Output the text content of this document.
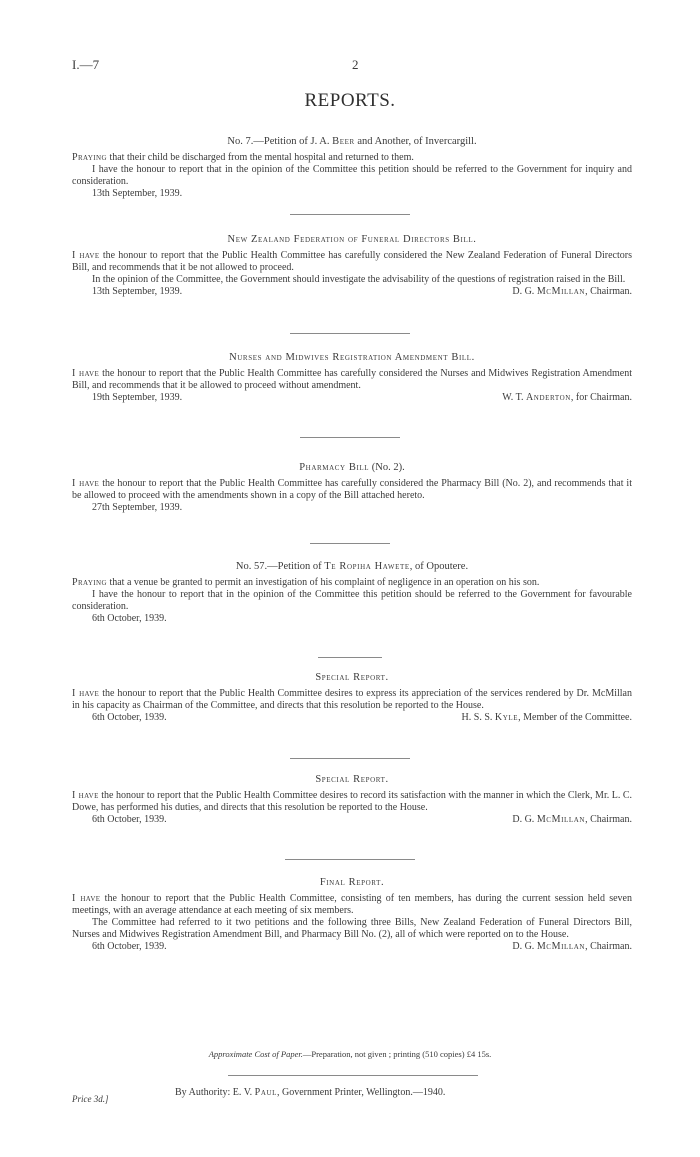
I.—7	2
REPORTS.
No. 7.—Petition of J. A. Beer and Another, of Invercargill.

Praying that their child be discharged from the mental hospital and returned to them.

I have the honour to report that in the opinion of the Committee this petition should be referred to the Government for inquiry and consideration.

13th September, 1939.
New Zealand Federation of Funeral Directors Bill.

I have the honour to report that the Public Health Committee has carefully considered the New Zealand Federation of Funeral Directors Bill, and recommends that it be not allowed to proceed.

In the opinion of the Committee, the Government should investigate the advisability of the questions of registration raised in the Bill.

13th September, 1939.	D. G. McMillan, Chairman.
Nurses and Midwives Registration Amendment Bill.

I have the honour to report that the Public Health Committee has carefully considered the Nurses and Midwives Registration Amendment Bill, and recommends that it be allowed to proceed without amendment.

19th September, 1939.	W. T. Anderton, for Chairman.
Pharmacy Bill (No. 2).

I have the honour to report that the Public Health Committee has carefully considered the Pharmacy Bill (No. 2), and recommends that it be allowed to proceed with the amendments shown in a copy of the Bill attached hereto.

27th September, 1939.
No. 57.—Petition of Te Ropiha Hawete, of Opoutere.

Praying that a venue be granted to permit an investigation of his complaint of negligence in an operation on his son.

I have the honour to report that in the opinion of the Committee this petition should be referred to the Government for favourable consideration.

6th October, 1939.
Special Report.

I have the honour to report that the Public Health Committee desires to express its appreciation of the services rendered by Dr. McMillan in his capacity as Chairman of the Committee, and directs that this resolution be reported to the House.

6th October, 1939.	H. S. S. Kyle, Member of the Committee.
Special Report.

I have the honour to report that the Public Health Committee desires to record its satisfaction with the manner in which the Clerk, Mr. L. C. Dowe, has performed his duties, and directs that this resolution be reported to the House.

6th October, 1939.	D. G. McMillan, Chairman.
Final Report.

I have the honour to report that the Public Health Committee, consisting of ten members, has during the current session held seven meetings, with an average attendance at each meeting of six members.

The Committee had referred to it two petitions and the following three Bills, New Zealand Federation of Funeral Directors Bill, Nurses and Midwives Registration Amendment Bill, and Pharmacy Bill No. (2), all of which were reported on to the House.

6th October, 1939.	D. G. McMillan, Chairman.
Approximate Cost of Paper.—Preparation, not given ; printing (510 copies) £4 15s.
By Authority: E. V. Paul, Government Printer, Wellington.—1940.
Price 3d.]
